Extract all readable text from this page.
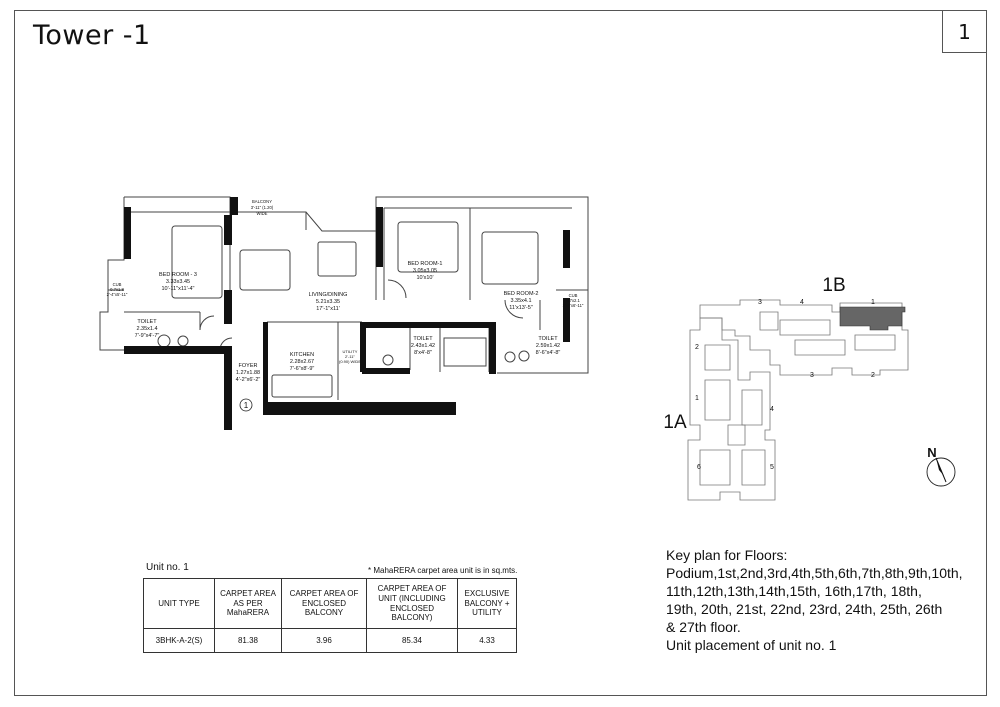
Tower -1	1
BALCONY
3'-11" (1.20)
WIDE
BED ROOM - 3
3.33x3.45
10'-11"x11'-4"
CUB
0.7x1.8
2'-4"x5'-11"
TOILET
2.35x1.4
7'-9"x4'-7"
LIVING/DINING
5.21x3.35
17'-1"x11'
FOYER
1.27x1.88
4'-2"x6'-2"
KITCHEN
2.28x2.67
7'-6"x8'-9"
UTILITY
2'-11"
(0.90) WIDE
BED ROOM-1
3.05x3.05
10'x10'
TOILET
2.43x1.42
8'x4'-8"
BED ROOM-2
3.35x4.1
11'x13'-5"
CUB
0.7x2.1
2'-4"x6'-11"
TOILET
2.59x1.42
8'-6"x4'-8"
1
1B
1A
1
3	4
3	2
2
1
4
6	5
N
Unit no. 1	* MahaRERA carpet area unit is in sq.mts.
UNIT TYPE	CARPET AREA AS PER MahaRERA	CARPET AREA OF ENCLOSED BALCONY	CARPET AREA OF UNIT (INCLUDING ENCLOSED BALCONY)	EXCLUSIVE BALCONY + UTILITY
3BHK-A-2(S)	81.38	3.96	85.34	4.33
Key plan for Floors:
Podium,1st,2nd,3rd,4th,5th,6th,7th,8th,9th,10th,
11th,12th,13th,14th,15th, 16th,17th, 18th,
19th, 20th, 21st, 22nd, 23rd, 24th, 25th, 26th
& 27th floor.
Unit placement of unit no. 1
